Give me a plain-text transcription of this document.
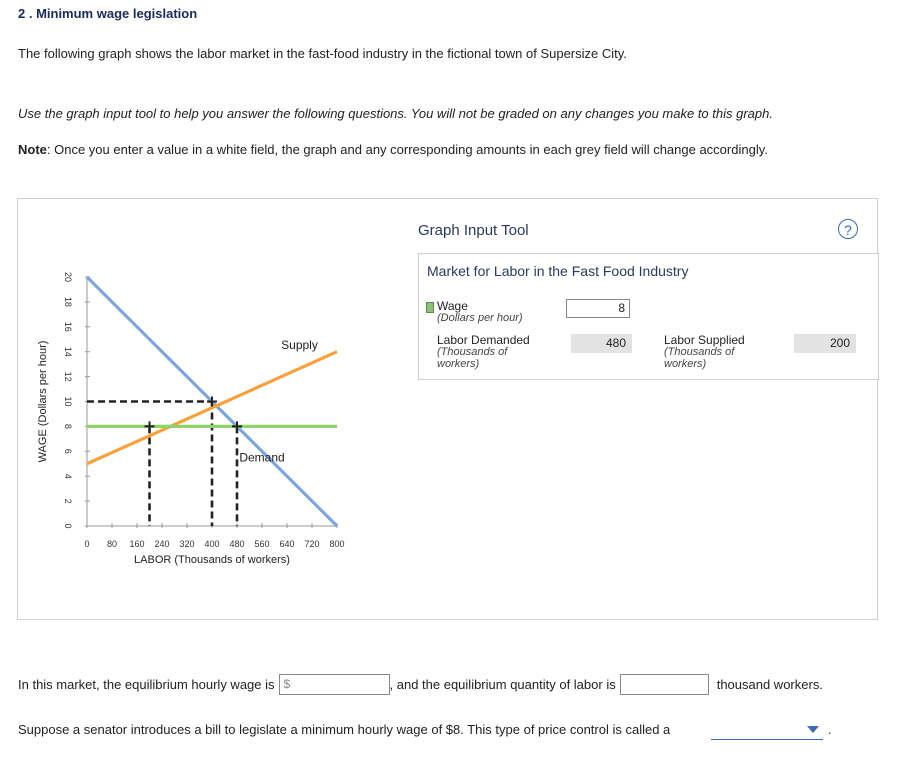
2 . Minimum wage legislation
The following graph shows the labor market in the fast-food industry in the fictional town of Supersize City.
Use the graph input tool to help you answer the following questions. You will not be graded on any changes you make to this graph.
Note: Once you enter a value in a white field, the graph and any corresponding amounts in each grey field will change accordingly.
0
2
4
6
8
10
12
14
16
18
20
0 80 160 240 320 400 480 560 640 720 800
WAGE (Dollars per hour)
LABOR (Thousands of workers)
Supply
Demand
Graph Input Tool	?
Market for Labor in the Fast Food Industry
Wage
(Dollars per hour)
8
Labor Demanded
(Thousands of
workers)
480	Labor Supplied
(Thousands of
workers)
200
In this market, the equilibrium hourly wage is $	, and the equilibrium quantity of labor is	thousand workers.
Suppose a senator introduces a bill to legislate a minimum hourly wage of $8. This type of price control is called a	.
